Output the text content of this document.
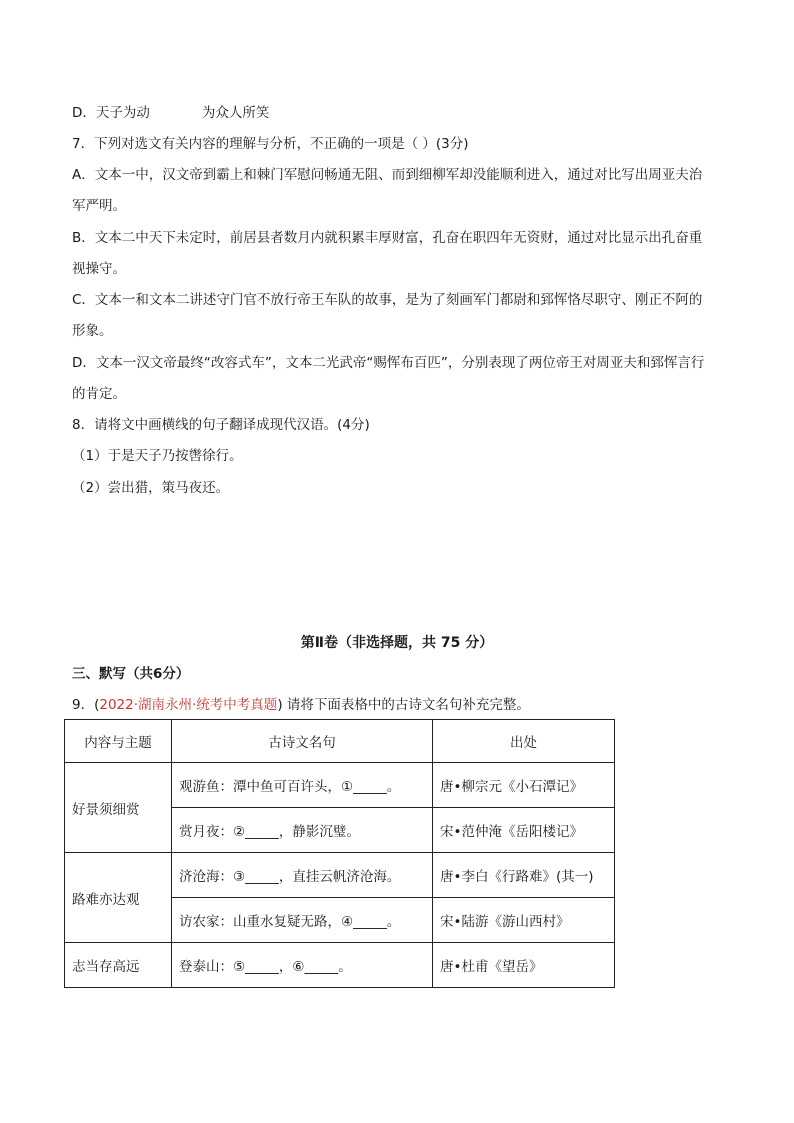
D．天子为动	为众人所笑
7．下列对选文有关内容的理解与分析，不正确的一项是（ ）(3分)
A．文本一中，汉文帝到霸上和棘门军慰问畅通无阻、而到细柳军却没能顺利进入，通过对比写出周亚夫治
军严明。
B．文本二中天下未定时，前居县者数月内就积累丰厚财富，孔奋在职四年无资财，通过对比显示出孔奋重
视操守。
C．文本一和文本二讲述守门官不放行帝王车队的故事，是为了刻画军门都尉和郅恽恪尽职守、刚正不阿的
形象。
D．文本一汉文帝最终“改容式车”，文本二光武帝“赐恽布百匹”，分别表现了两位帝王对周亚夫和郅恽言行
的肯定。
8．请将文中画横线的句子翻译成现代汉语。(4分)
（1）于是天子乃按辔徐行。
（2）尝出猎，策马夜还。
第Ⅱ卷（非选择题，共 75 分）
三、默写（共6分）
9．(2022·湖南永州·统考中考真题) 请将下面表格中的古诗文名句补充完整。
内容与主题	古诗文名句	出处
好景须细赏	观游鱼：潭中鱼可百许头，①_____。	唐•柳宗元《小石潭记》
	赏月夜：②_____，静影沉璧。	宋•范仲淹《岳阳楼记》
路难亦达观	济沧海：③_____，直挂云帆济沧海。	唐•李白《行路难》(其一)
	访农家：山重水复疑无路，④_____。	宋•陆游《游山西村》
志当存高远	登泰山：⑤_____，⑥_____。	唐•杜甫《望岳》
